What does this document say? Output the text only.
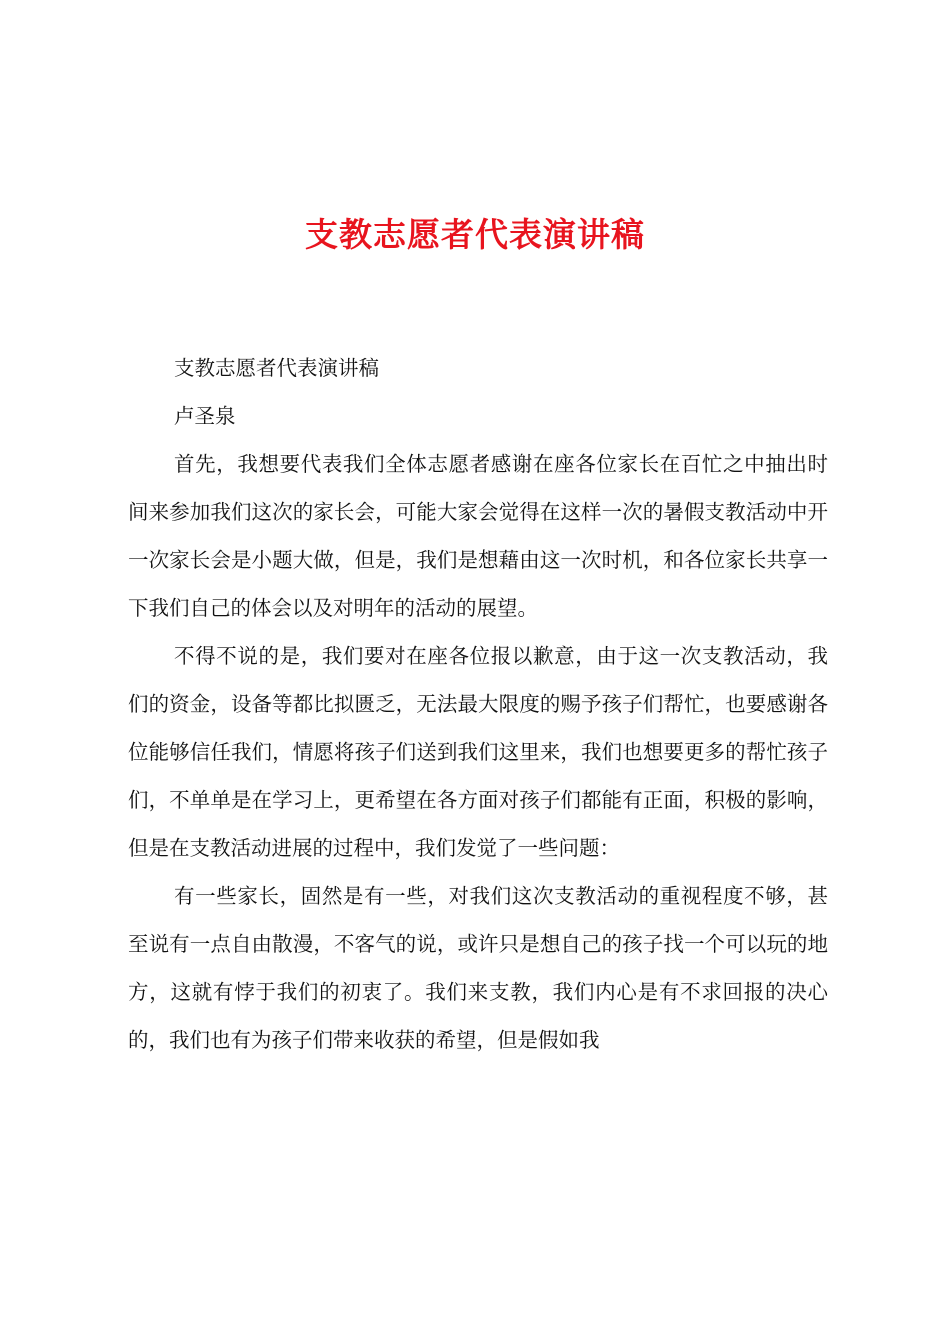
支教志愿者代表演讲稿

支教志愿者代表演讲稿

卢圣泉

首先，我想要代表我们全体志愿者感谢在座各位家长在百忙之中抽出时间来参加我们这次的家长会，可能大家会觉得在这样一次的暑假支教活动中开一次家长会是小题大做，但是，我们是想藉由这一次时机，和各位家长共享一下我们自己的体会以及对明年的活动的展望。

不得不说的是，我们要对在座各位报以歉意，由于这一次支教活动，我们的资金，设备等都比拟匮乏，无法最大限度的赐予孩子们帮忙，也要感谢各位能够信任我们，情愿将孩子们送到我们这里来，我们也想要更多的帮忙孩子们，不单单是在学习上，更希望在各方面对孩子们都能有正面，积极的影响，但是在支教活动进展的过程中，我们发觉了一些问题：

有一些家长，固然是有一些，对我们这次支教活动的重视程度不够，甚至说有一点自由散漫，不客气的说，或许只是想自己的孩子找一个可以玩的地方，这就有悖于我们的初衷了。我们来支教，我们内心是有不求回报的决心的，我们也有为孩子们带来收获的希望，但是假如我
